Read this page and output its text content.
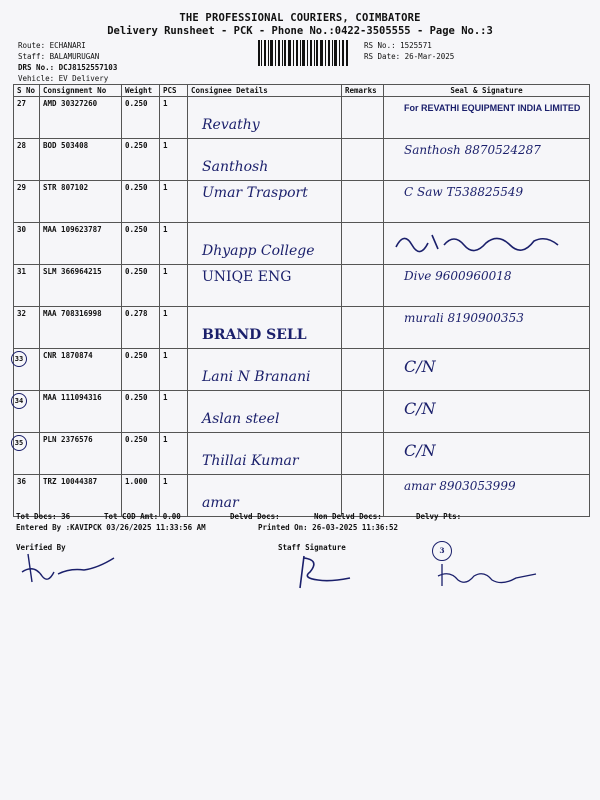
THE PROFESSIONAL COURIERS, COIMBATORE
Delivery Runsheet - PCK - Phone No.:0422-3505555 - Page No.:3
Route: ECHANARI
Staff: BALAMURUGAN
DRS No.: DCJ8152557103
Vehicle: EV Delivery
RS No.: 1525571
RS Date: 26-Mar-2025
S No	Consignment No	Weight	PCS	Consignee Details	Remarks	Seal & Signature
27	AMD 30327260	0.250	1	Revathy		For REVATHI EQUIPMENT INDIA LIMITED

28	BOD 503408	0.250	1	Santhosh		Santhosh 8870524287

29	STR 807102	0.250	1	Umar Trasport		C Saw T538825549

30	MAA 109623787	0.250	1	Dhyapp College

31	SLM 366964215	0.250	1	UNIQE ENG		Dive 9600960018

32	MAA 708316998	0.278	1	BRAND SELL		murali 8190900353

33	CNR 1870874	0.250	1	Lani N Branani		C/N

34	MAA 111094316	0.250	1	Aslan steel		C/N

35	PLN 2376576	0.250	1	Thillai Kumar		C/N

36	TRZ 10044387	1.000	1	amar		amar 8903053999
Tot Docs: 36	Tot COD Amt: 0.00	Delvd Docs:	Non Delvd Docs:	Delvy Pts:
Entered By :KAVIPCK 03/26/2025 11:33:56 AM	Printed On: 26-03-2025 11:36:52
Verified By	Staff Signature	3
